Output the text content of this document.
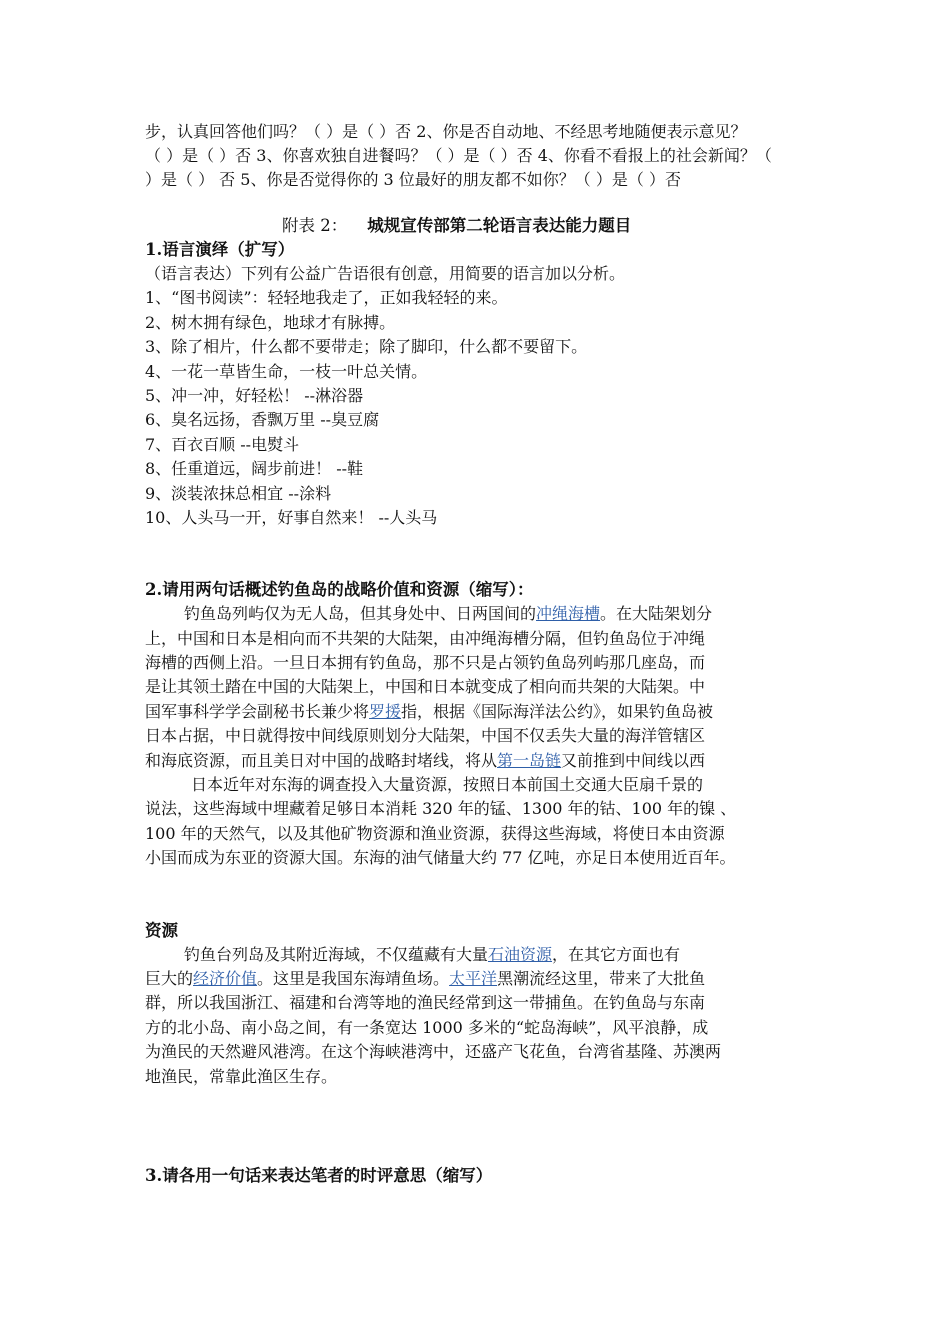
步，认真回答他们吗？（ ）是（ ）否 2、你是否自动地、不经思考地随便表示意见？

（ ）是（ ）否 3、你喜欢独自进餐吗？（ ）是（ ）否 4、你看不看报上的社会新闻？（

）是（ ） 否 5、你是否觉得你的 3 位最好的朋友都不如你？（ ）是（ ）否

附表 2： 城规宣传部第二轮语言表达能力题目

1.语言演绎（扩写）

（语言表达）下列有公益广告语很有创意，用简要的语言加以分析。

1、“图书阅读”：轻轻地我走了，正如我轻轻的来。

2、树木拥有绿色，地球才有脉搏。

3、除了相片，什么都不要带走；除了脚印，什么都不要留下。

4、一花一草皆生命，一枝一叶总关情。

5、冲一冲，好轻松！ --淋浴器

6、臭名远扬，香飘万里 --臭豆腐

7、百衣百顺 --电熨斗

8、任重道远，阔步前进！ --鞋

9、淡装浓抹总相宜 --涂料

10、人头马一开，好事自然来！ --人头马

2.请用两句话概述钓鱼岛的战略价值和资源（缩写）：

钓鱼岛列屿仅为无人岛，但其身处中、日两国间的冲绳海槽。在大陆架划分

上，中国和日本是相向而不共架的大陆架，由冲绳海槽分隔，但钓鱼岛位于冲绳

海槽的西侧上沿。一旦日本拥有钓鱼岛，那不只是占领钓鱼岛列屿那几座岛，而

是让其领土踏在中国的大陆架上，中国和日本就变成了相向而共架的大陆架。中

国军事科学学会副秘书长兼少将罗援指，根据《国际海洋法公约》，如果钓鱼岛被

日本占据，中日就得按中间线原则划分大陆架，中国不仅丢失大量的海洋管辖区

和海底资源，而且美日对中国的战略封堵线，将从第一岛链又前推到中间线以西

日本近年对东海的调查投入大量资源，按照日本前国土交通大臣扇千景的

说法，这些海域中埋藏着足够日本消耗 320 年的锰、1300 年的钴、100 年的镍 、

100 年的天然气，以及其他矿物资源和渔业资源，获得这些海域，将使日本由资源

小国而成为东亚的资源大国。东海的油气储量大约 77 亿吨，亦足日本使用近百年。

资源

钓鱼台列岛及其附近海域，不仅蕴藏有大量石油资源，在其它方面也有

巨大的经济价值。这里是我国东海靖鱼场。太平洋黑潮流经这里，带来了大批鱼

群，所以我国浙江、福建和台湾等地的渔民经常到这一带捕鱼。在钓鱼岛与东南

方的北小岛、南小岛之间，有一条宽达 1000 多米的“蛇岛海峡”，风平浪静，成

为渔民的天然避风港湾。在这个海峡港湾中，还盛产飞花鱼，台湾省基隆、苏澳两

地渔民，常靠此渔区生存。

3.请各用一句话来表达笔者的时评意思（缩写）
